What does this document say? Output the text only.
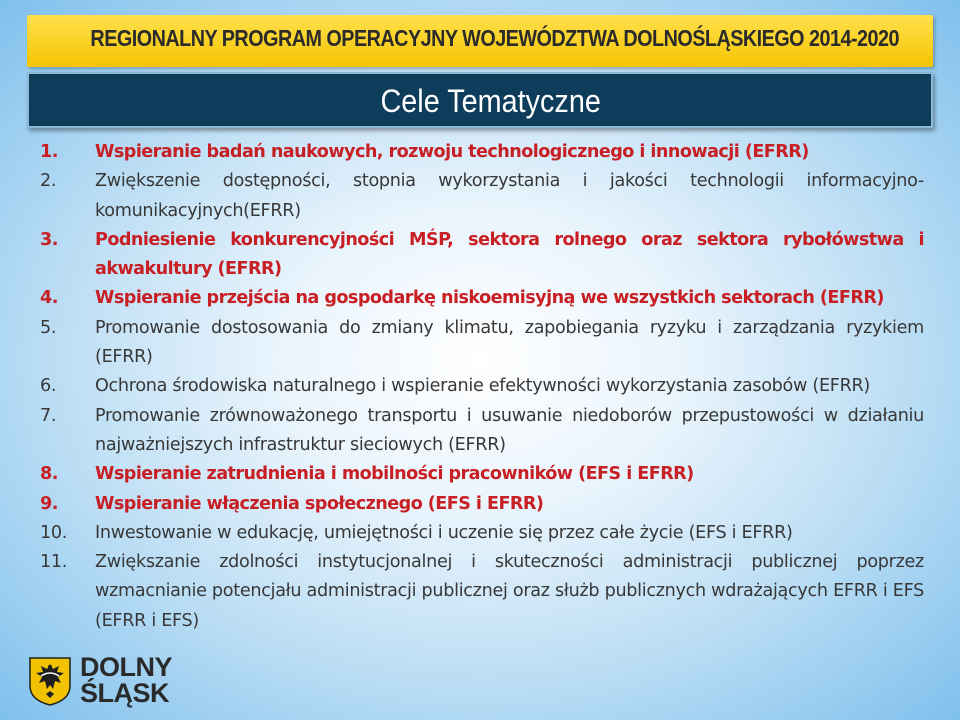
REGIONALNY PROGRAM OPERACYJNY WOJEWÓDZTWA DOLNOŚLĄSKIEGO 2014-2020
Cele Tematyczne
1.	Wspieranie badań naukowych, rozwoju technologicznego i innowacji (EFRR)
2.	Zwiększenie dostępności, stopnia wykorzystania i jakości technologii informacyjno-komunikacyjnych(EFRR)
3.	Podniesienie konkurencyjności MŚP, sektora rolnego oraz sektora rybołówstwa i akwakultury (EFRR)
4.	Wspieranie przejścia na gospodarkę niskoemisyjną we wszystkich sektorach (EFRR)
5.	Promowanie dostosowania do zmiany klimatu, zapobiegania ryzyku i zarządzania ryzykiem (EFRR)
6.	Ochrona środowiska naturalnego i wspieranie efektywności wykorzystania zasobów (EFRR)
7.	Promowanie zrównoważonego transportu i usuwanie niedoborów przepustowości w działaniu najważniejszych infrastruktur sieciowych (EFRR)
8.	Wspieranie zatrudnienia i mobilności pracowników (EFS i EFRR)
9.	Wspieranie włączenia społecznego (EFS i EFRR)
10.	Inwestowanie w edukację, umiejętności i uczenie się przez całe życie (EFS i EFRR)
11.	Zwiększanie zdolności instytucjonalnej i skuteczności administracji publicznej poprzez wzmacnianie potencjału administracji publicznej oraz służb publicznych wdrażających EFRR i EFS (EFRR i EFS)
DOLNY
ŚLĄSK
